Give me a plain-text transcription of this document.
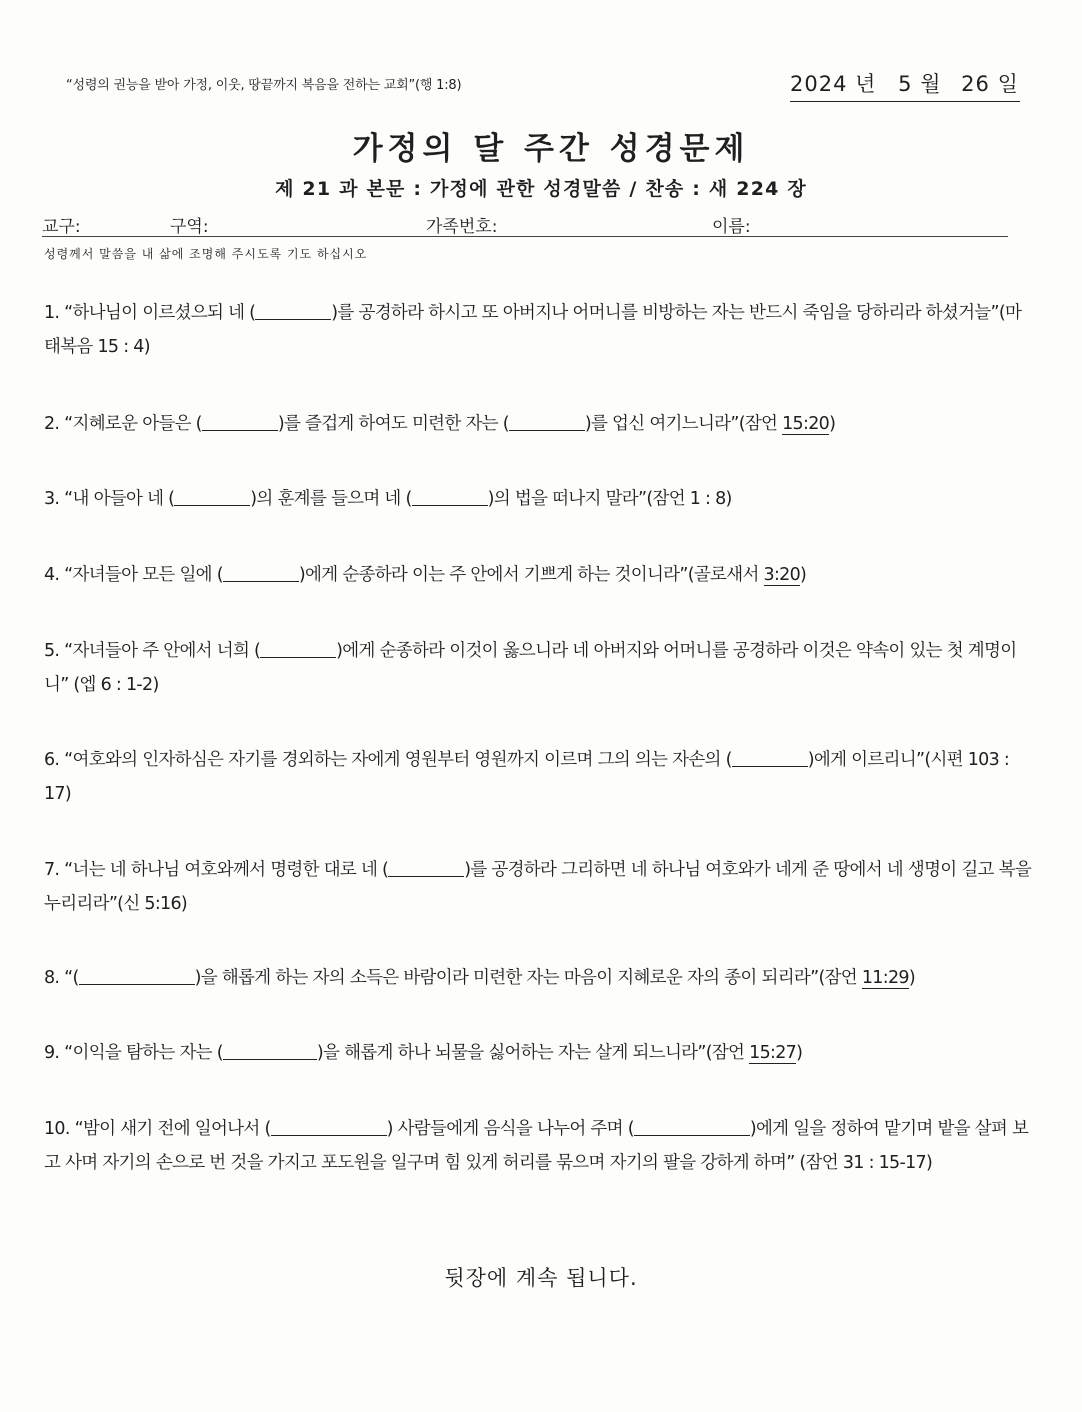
“성령의 권능을 받아 가정, 이웃, 땅끝까지 복음을 전하는 교회”(행 1:8)	2024 년 5 월 26 일
가정의 달 주간 성경문제
제 21 과 본문 : 가정에 관한 성경말씀 / 찬송 : 새 224 장
교구:	구역:	가족번호:	이름:
성령께서 말씀을 내 삶에 조명해 주시도록 기도 하십시오
1. “하나님이 이르셨으되 네 (	)를 공경하라 하시고 또 아버지나 어머니를 비방하는 자는 반드시 죽임을 당하리라 하셨거늘”(마태복음 15 : 4)
2. “지혜로운 아들은 (	)를 즐겁게 하여도 미련한 자는 (	)를 업신 여기느니라”(잠언 15:20)
3. “내 아들아 네 (	)의 훈계를 들으며 네 (	)의 법을 떠나지 말라”(잠언 1 : 8)
4. “자녀들아 모든 일에 (	)에게 순종하라 이는 주 안에서 기쁘게 하는 것이니라”(골로새서 3:20)
5. “자녀들아 주 안에서 너희 (	)에게 순종하라 이것이 옳으니라 네 아버지와 어머니를 공경하라 이것은 약속이 있는 첫 계명이니” (엡 6 : 1-2)
6. “여호와의 인자하심은 자기를 경외하는 자에게 영원부터 영원까지 이르며 그의 의는 자손의 (	)에게 이르리니”(시편 103 : 17)
7. “너는 네 하나님 여호와께서 명령한 대로 네 (	)를 공경하라 그리하면 네 하나님 여호와가 네게 준 땅에서 네 생명이 길고 복을 누리리라”(신 5:16)
8. “(	)을 해롭게 하는 자의 소득은 바람이라 미련한 자는 마음이 지혜로운 자의 종이 되리라”(잠언 11:29)
9. “이익을 탐하는 자는 (	)을 해롭게 하나 뇌물을 싫어하는 자는 살게 되느니라”(잠언 15:27)
10. “밤이 새기 전에 일어나서 (	) 사람들에게 음식을 나누어 주며 (	)에게 일을 정하여 맡기며 밭을 살펴 보고 사며 자기의 손으로 번 것을 가지고 포도원을 일구며 힘 있게 허리를 묶으며 자기의 팔을 강하게 하며” (잠언 31 : 15-17)
뒷장에 계속 됩니다.
